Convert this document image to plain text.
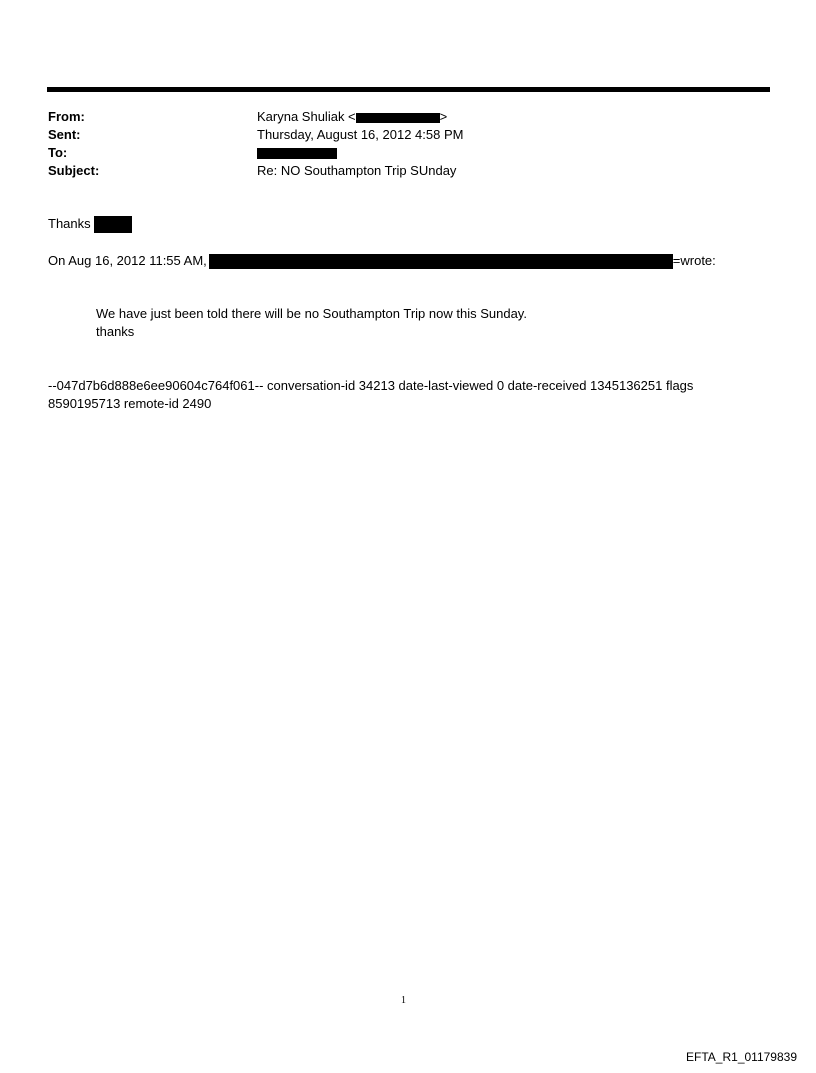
From:	Karyna Shuliak <	>
Sent:	Thursday, August 16, 2012 4:58 PM
To:
Subject:	Re: NO Southampton Trip SUnday
Thanks
On Aug 16, 2012 11:55 AM,	=wrote:
We have just been told there will be no Southampton Trip now this Sunday.
thanks
--047d7b6d888e6ee90604c764f061-- conversation-id 34213 date-last-viewed 0 date-received 1345136251 flags 8590195713 remote-id 2490
1
EFTA_R1_01179839
